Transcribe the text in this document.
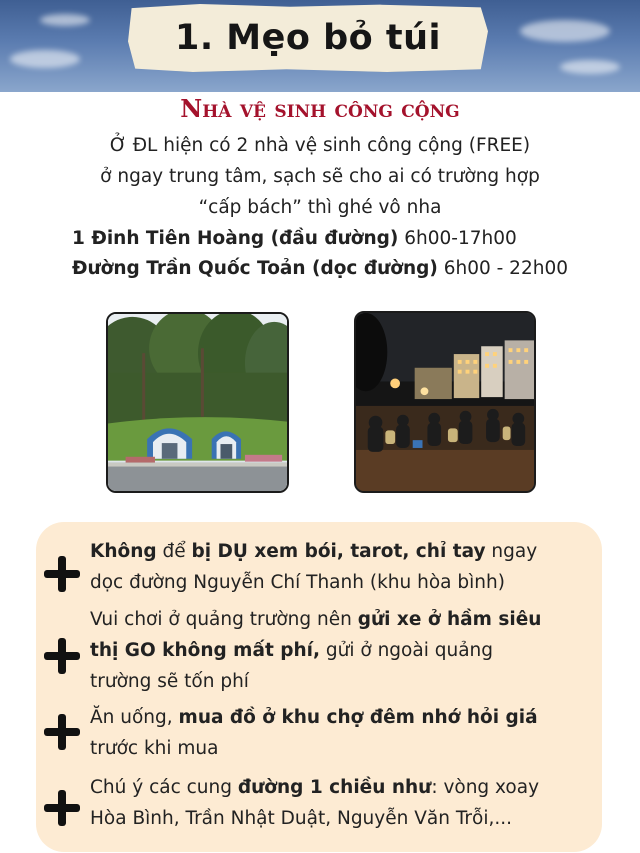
1. Mẹo bỏ túi
Nhà vệ sinh công cộng
Ở ĐL hiện có 2 nhà vệ sinh công cộng (FREE)
ở ngay trung tâm, sạch sẽ cho ai có trường hợp
“cấp bách” thì ghé vô nha
1 Đinh Tiên Hoàng (đầu đường) 6h00-17h00
Đường Trần Quốc Toản (dọc đường) 6h00 - 22h00
Không để bị DỤ xem bói, tarot, chỉ tay ngay
dọc đường Nguyễn Chí Thanh (khu hòa bình)
Vui chơi ở quảng trường nên gửi xe ở hầm siêu
thị GO không mất phí, gửi ở ngoài quảng
trường sẽ tốn phí
Ăn uống, mua đồ ở khu chợ đêm nhớ hỏi giá
trước khi mua
Chú ý các cung đường 1 chiều như: vòng xoay
Hòa Bình, Trần Nhật Duật, Nguyễn Văn Trỗi,...
